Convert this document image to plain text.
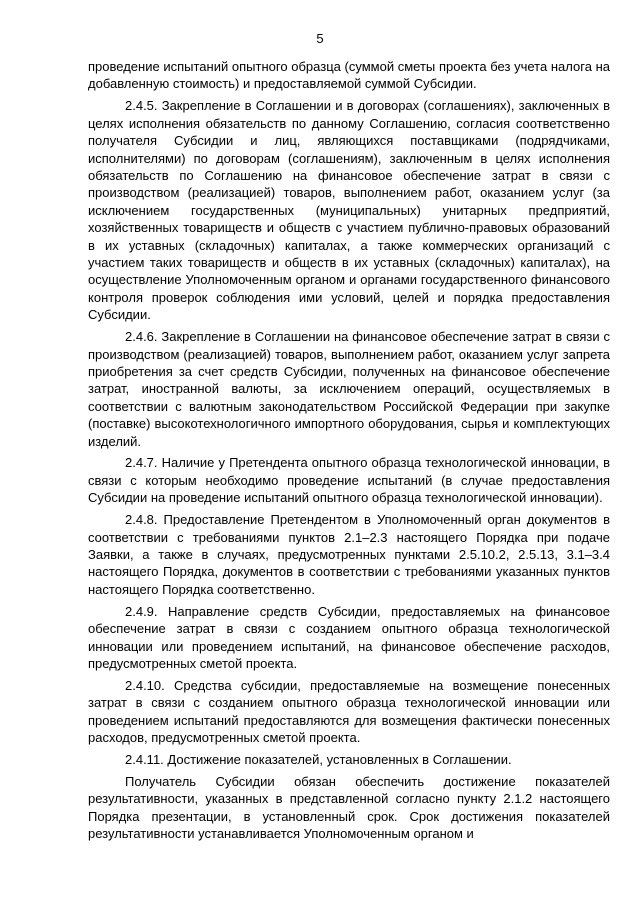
5

проведение испытаний опытного образца (суммой сметы проекта без учета налога на добавленную стоимость) и предоставляемой суммой Субсидии.

2.4.5. Закрепление в Соглашении и в договорах (соглашениях), заключенных в целях исполнения обязательств по данному Соглашению, согласия соответственно получателя Субсидии и лиц, являющихся поставщиками (подрядчиками, исполнителями) по договорам (соглашениям), заключенным в целях исполнения обязательств по Соглашению на финансовое обеспечение затрат в связи с производством (реализацией) товаров, выполнением работ, оказанием услуг (за исключением государственных (муниципальных) унитарных предприятий, хозяйственных товариществ и обществ с участием публично-правовых образований в их уставных (складочных) капиталах, а также коммерческих организаций с участием таких товариществ и обществ в их уставных (складочных) капиталах), на осуществление Уполномоченным органом и органами государственного финансового контроля проверок соблюдения ими условий, целей и порядка предоставления Субсидии.

2.4.6. Закрепление в Соглашении на финансовое обеспечение затрат в связи с производством (реализацией) товаров, выполнением работ, оказанием услуг запрета приобретения за счет средств Субсидии, полученных на финансовое обеспечение затрат, иностранной валюты, за исключением операций, осуществляемых в соответствии с валютным законодательством Российской Федерации при закупке (поставке) высокотехнологичного импортного оборудования, сырья и комплектующих изделий.

2.4.7. Наличие у Претендента опытного образца технологической инновации, в связи с которым необходимо проведение испытаний (в случае предоставления Субсидии на проведение испытаний опытного образца технологической инновации).

2.4.8. Предоставление Претендентом в Уполномоченный орган документов в соответствии с требованиями пунктов 2.1–2.3 настоящего Порядка при подаче Заявки, а также в случаях, предусмотренных пунктами 2.5.10.2, 2.5.13, 3.1–3.4 настоящего Порядка, документов в соответствии с требованиями указанных пунктов настоящего Порядка соответственно.

2.4.9. Направление средств Субсидии, предоставляемых на финансовое обеспечение затрат в связи с созданием опытного образца технологической инновации или проведением испытаний, на финансовое обеспечение расходов, предусмотренных сметой проекта.

2.4.10. Средства субсидии, предоставляемые на возмещение понесенных затрат в связи с созданием опытного образца технологической инновации или проведением испытаний предоставляются для возмещения фактически понесенных расходов, предусмотренных сметой проекта.

2.4.11. Достижение показателей, установленных в Соглашении.

Получатель Субсидии обязан обеспечить достижение показателей результативности, указанных в представленной согласно пункту 2.1.2 настоящего Порядка презентации, в установленный срок. Срок достижения показателей результативности устанавливается Уполномоченным органом и
